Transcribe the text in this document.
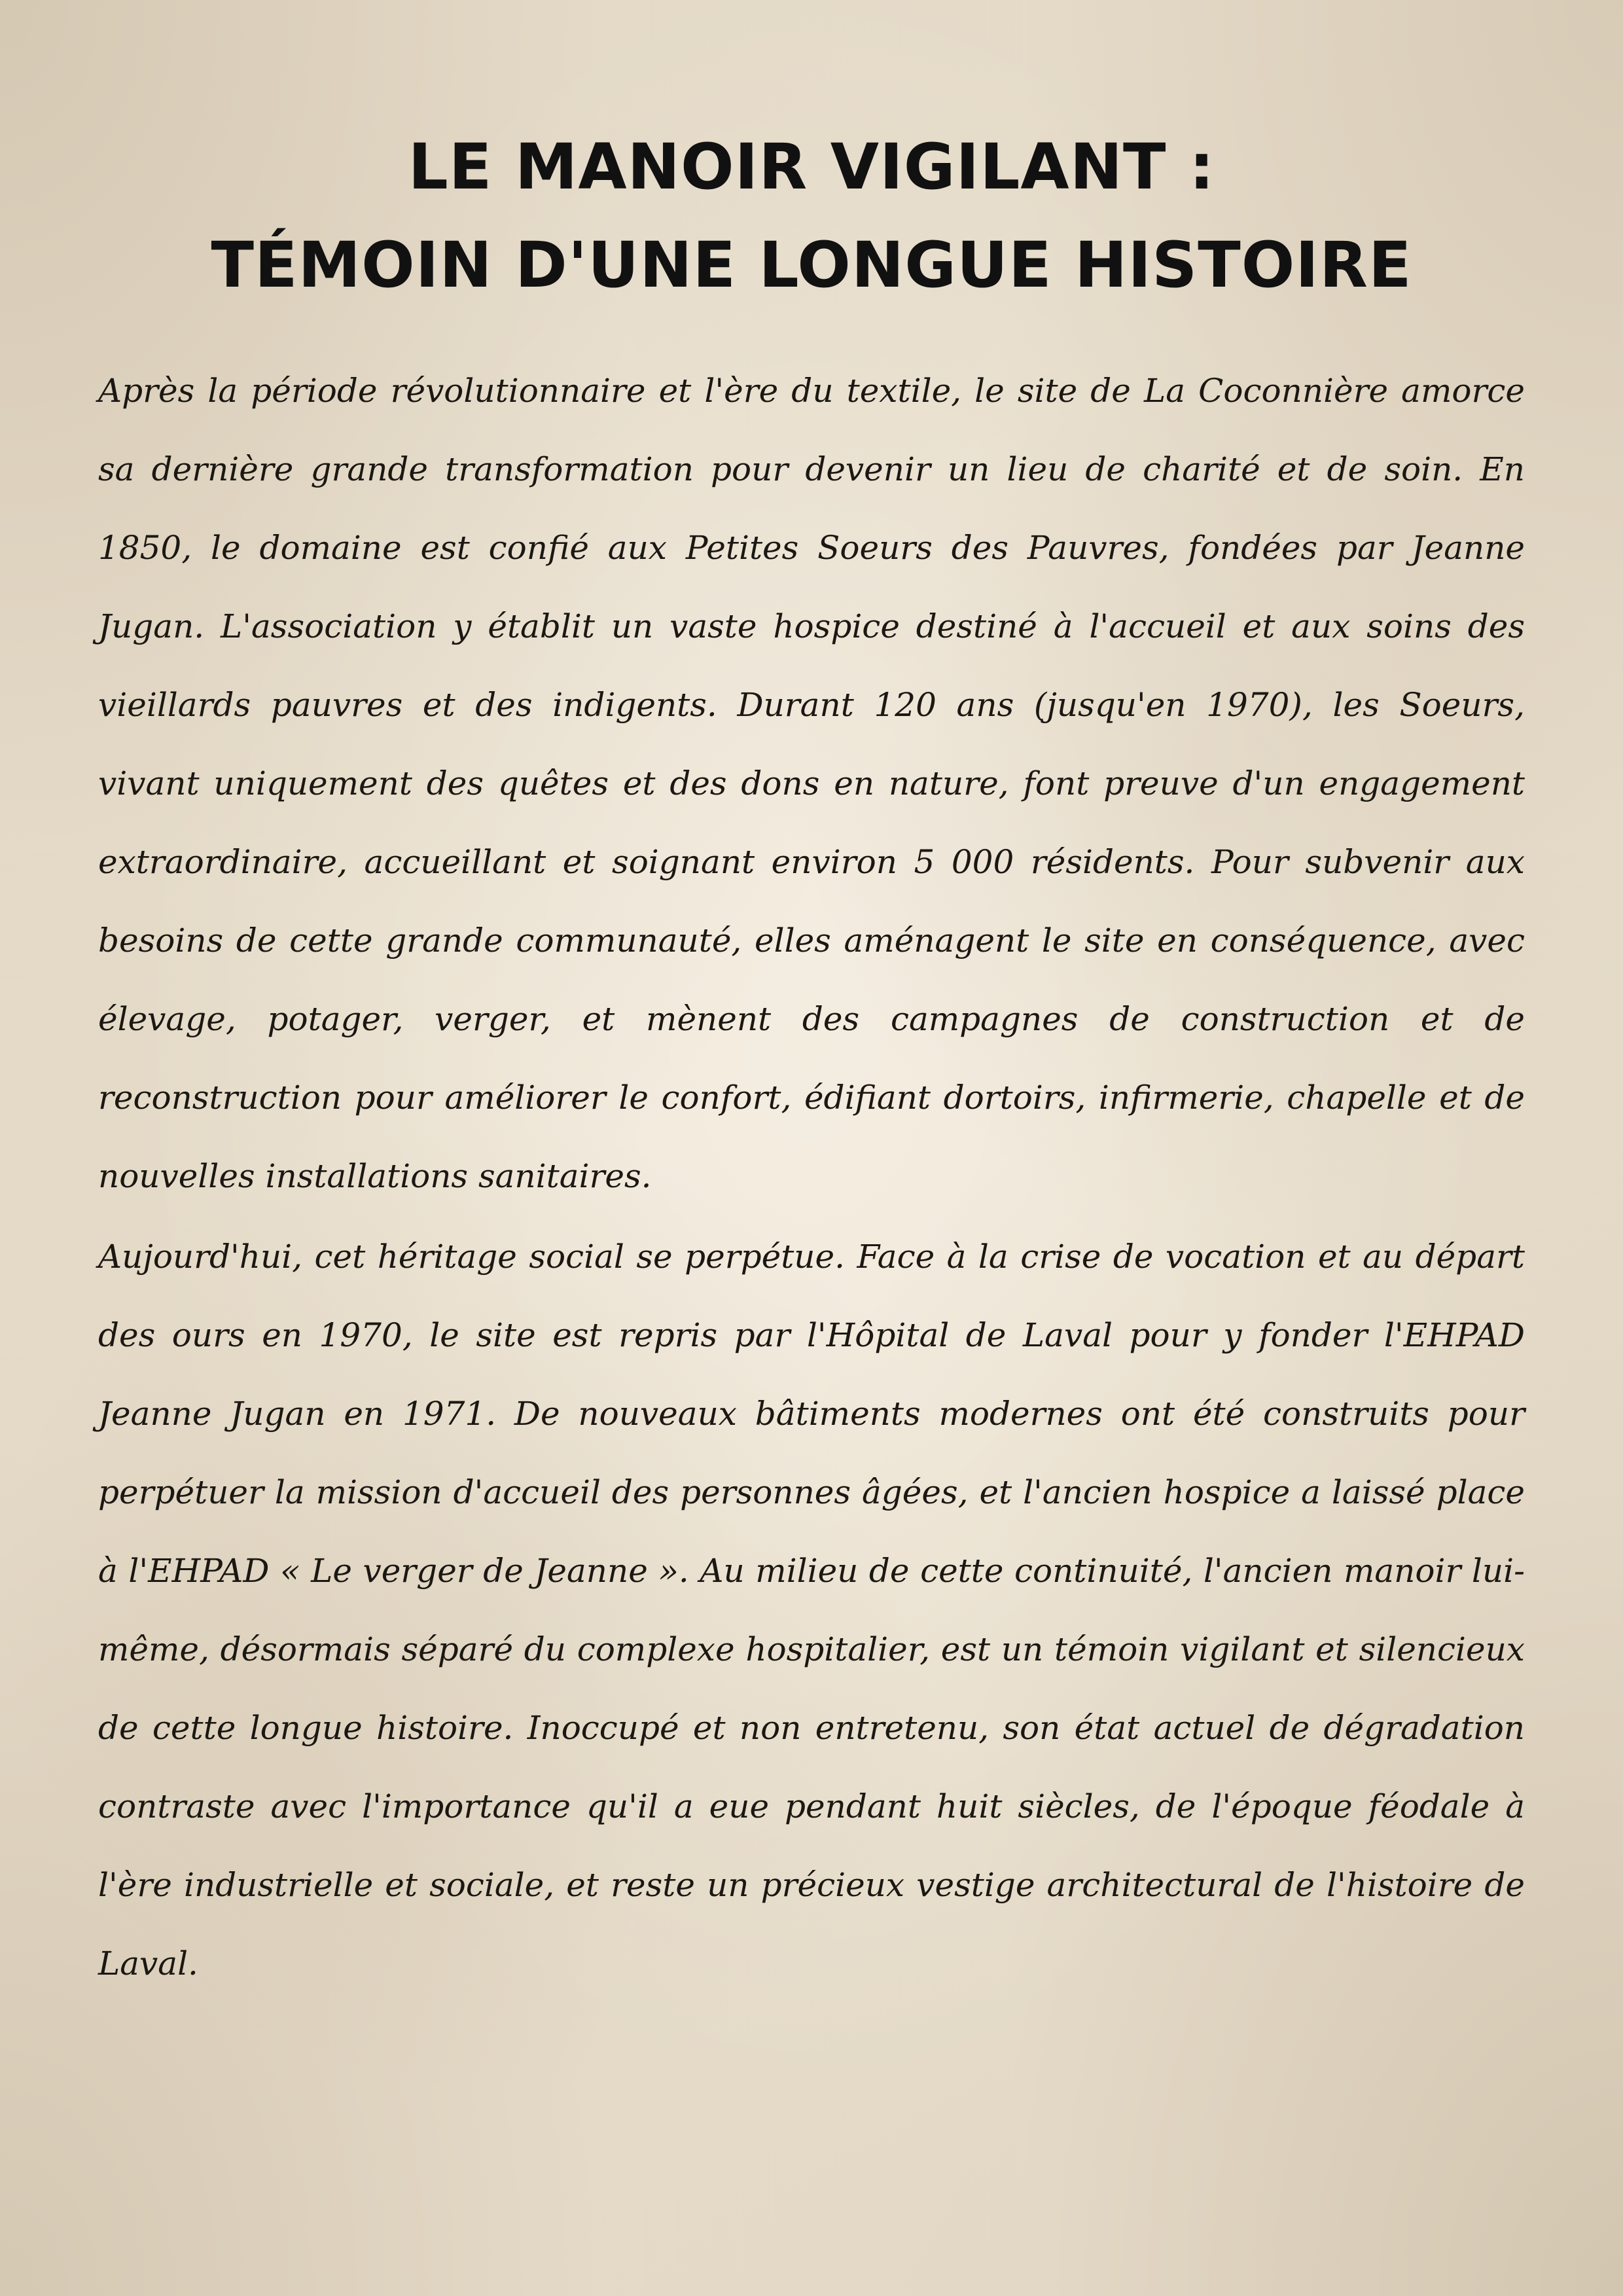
LE MANOIR VIGILANT :
TÉMOIN D'UNE LONGUE HISTOIRE

Après la période révolutionnaire et l'ère du textile, le site de La Coconnière amorce sa dernière grande transformation pour devenir un lieu de charité et de soin. En 1850, le domaine est confié aux Petites Soeurs des Pauvres, fondées par Jeanne Jugan. L'association y établit un vaste hospice destiné à l'accueil et aux soins des vieillards pauvres et des indigents. Durant 120 ans (jusqu'en 1970), les Soeurs, vivant uniquement des quêtes et des dons en nature, font preuve d'un engagement extraordinaire, accueillant et soignant environ 5 000 résidents. Pour subvenir aux besoins de cette grande communauté, elles aménagent le site en conséquence, avec élevage, potager, verger, et mènent des campagnes de construction et de reconstruction pour améliorer le confort, édifiant dortoirs, infirmerie, chapelle et de nouvelles installations sanitaires.

Aujourd'hui, cet héritage social se perpétue. Face à la crise de vocation et au départ des ours en 1970, le site est repris par l'Hôpital de Laval pour y fonder l'EHPAD Jeanne Jugan en 1971. De nouveaux bâtiments modernes ont été construits pour perpétuer la mission d'accueil des personnes âgées, et l'ancien hospice a laissé place à l'EHPAD « Le verger de Jeanne ». Au milieu de cette continuité, l'ancien manoir lui-même, désormais séparé du complexe hospitalier, est un témoin vigilant et silencieux de cette longue histoire. Inoccupé et non entretenu, son état actuel de dégradation contraste avec l'importance qu'il a eue pendant huit siècles, de l'époque féodale à l'ère industrielle et sociale, et reste un précieux vestige architectural de l'histoire de Laval.
